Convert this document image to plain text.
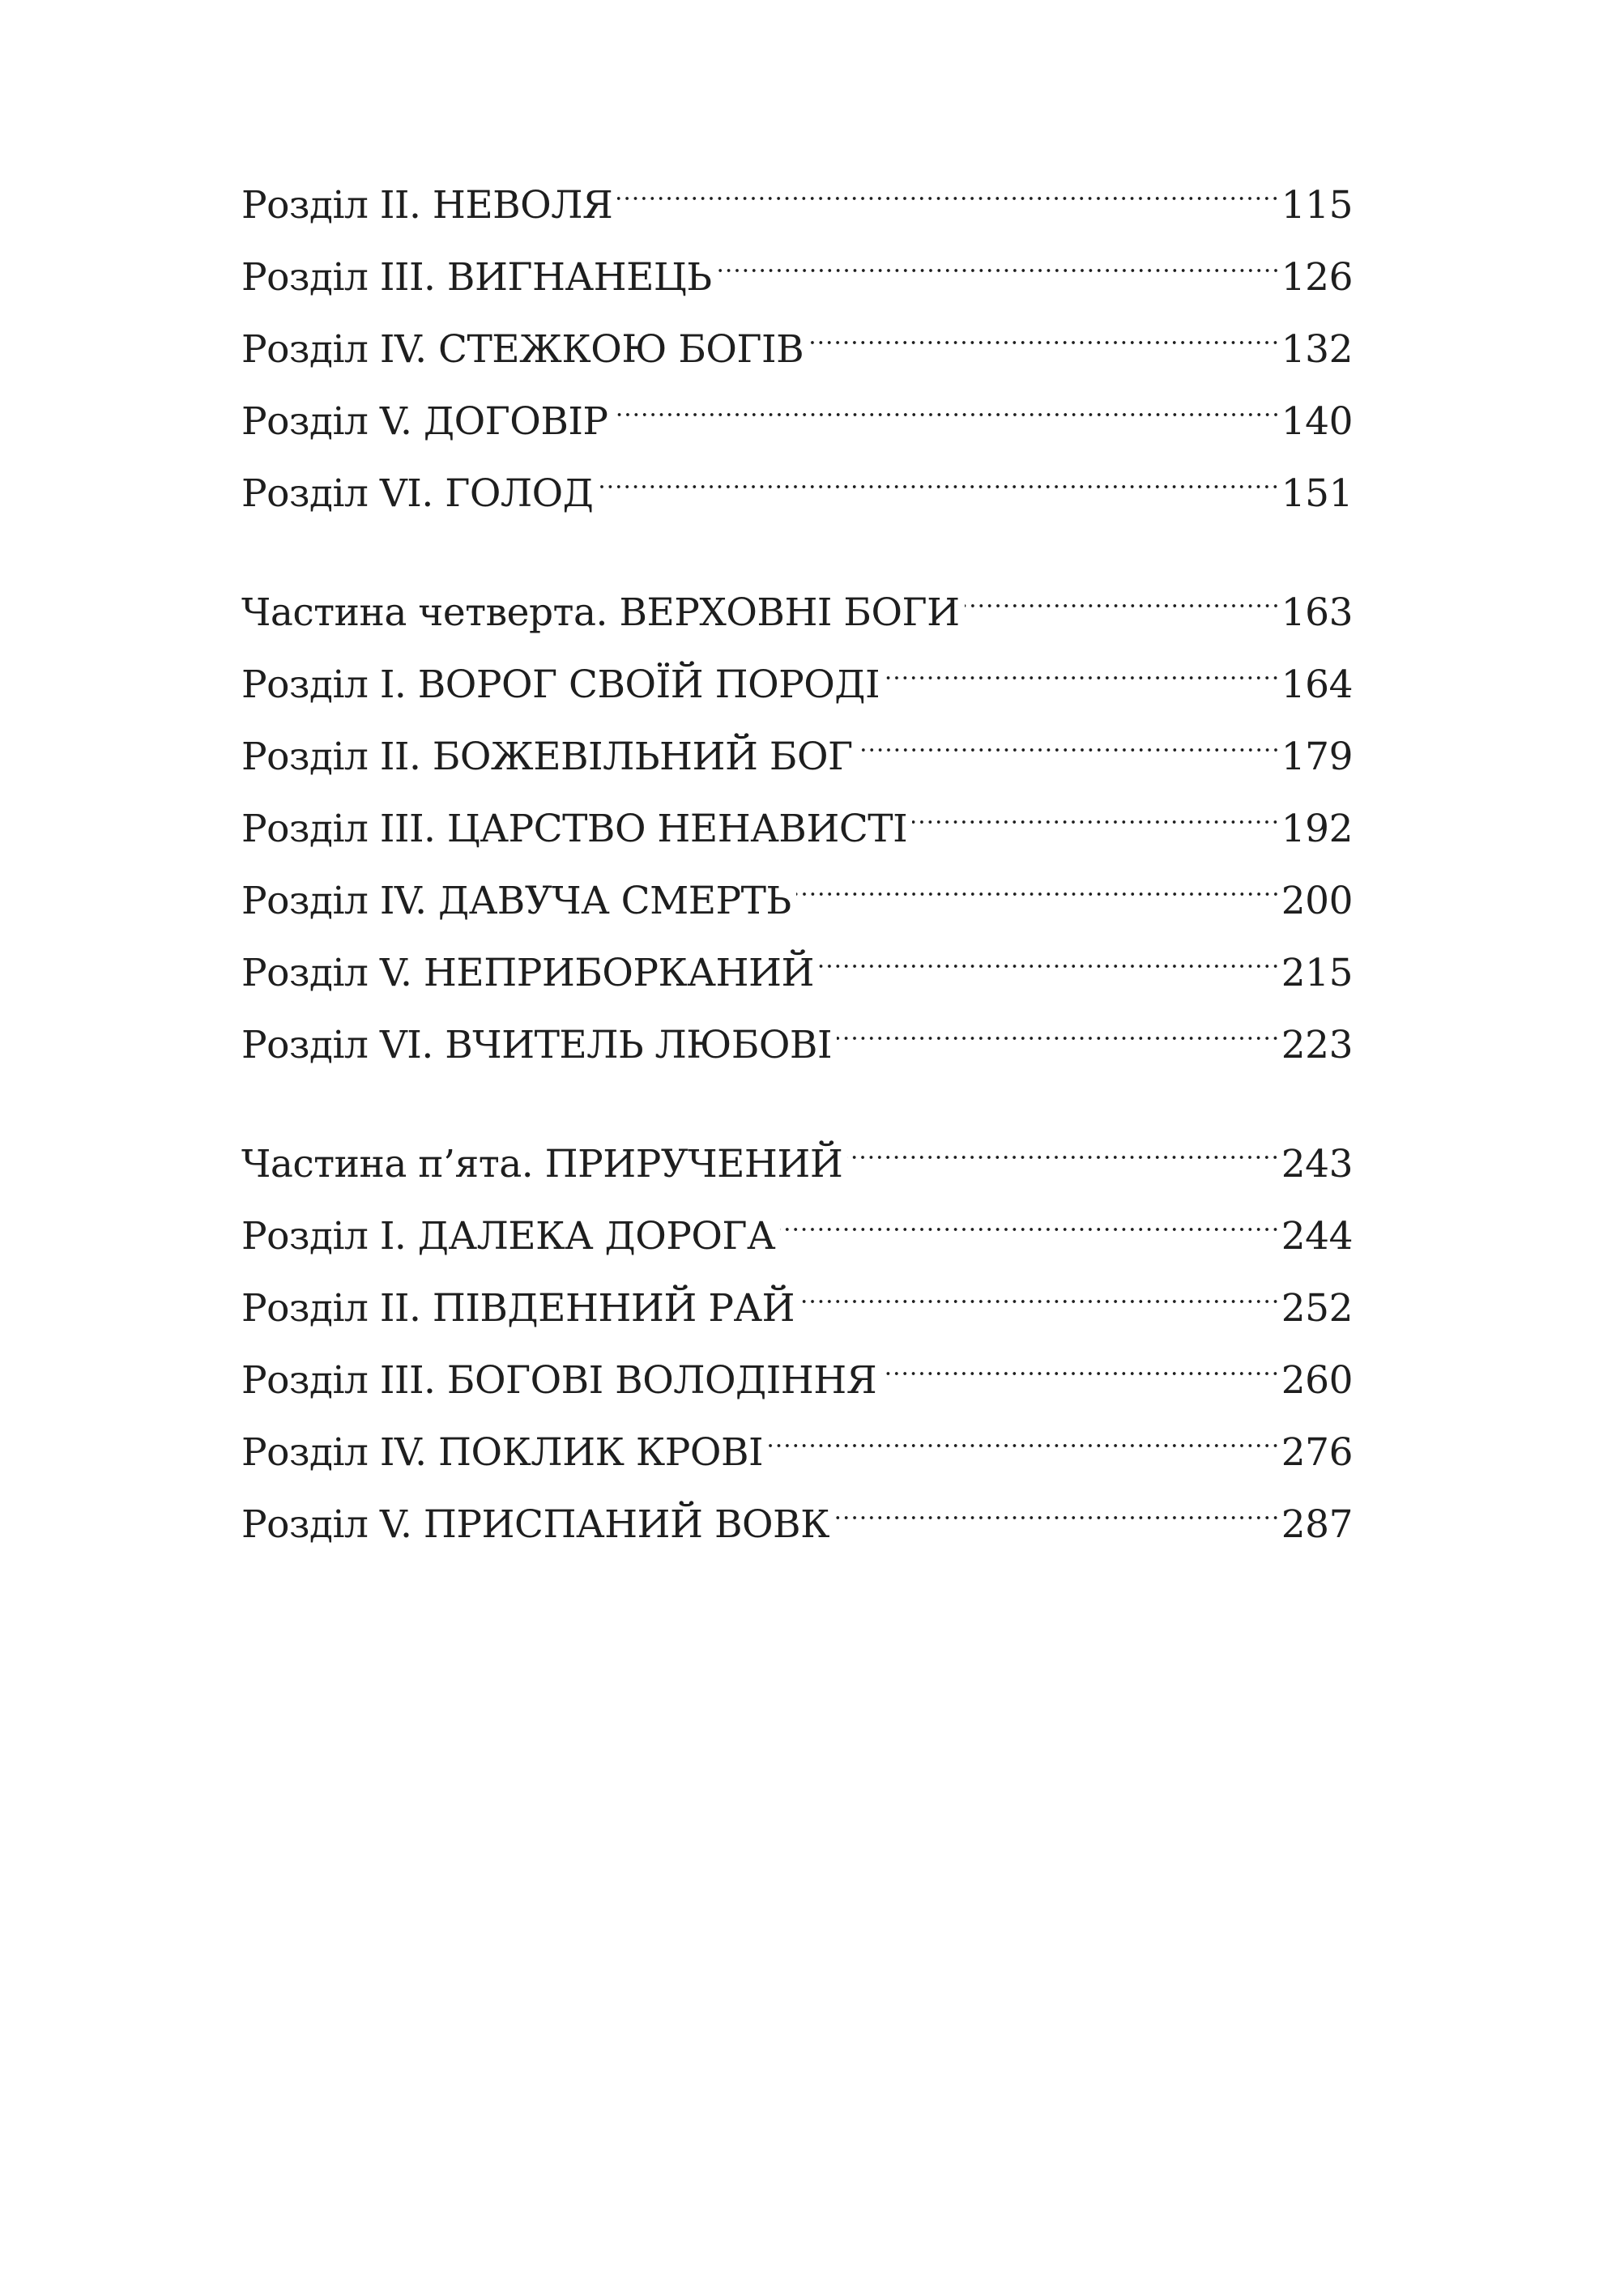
Розділ ІІ. НЕВОЛЯ	115
Розділ ІІІ. ВИГНАНЕЦЬ	126
Розділ ІV. СТЕЖКОЮ БОГІВ	132
Розділ V. ДОГОВІР	140
Розділ VІ. ГОЛОД	151
Частина четверта. ВЕРХОВНІ БОГИ	163
Розділ І. ВОРОГ СВОЇЙ ПОРОДІ	164
Розділ ІІ. БОЖЕВІЛЬНИЙ БОГ	179
Розділ ІІІ. ЦАРСТВО НЕНАВИСТІ	192
Розділ ІV. ДАВУЧА СМЕРТЬ	200
Розділ V. НЕПРИБОРКАНИЙ	215
Розділ VІ. ВЧИТЕЛЬ ЛЮБОВІ	223
Частина п’ята. ПРИРУЧЕНИЙ	243
Розділ І. ДАЛЕКА ДОРОГА	244
Розділ ІІ. ПІВДЕННИЙ РАЙ	252
Розділ ІІІ. БОГОВІ ВОЛОДІННЯ	260
Розділ ІV. ПОКЛИК КРОВІ	276
Розділ V. ПРИСПАНИЙ ВОВК	287
